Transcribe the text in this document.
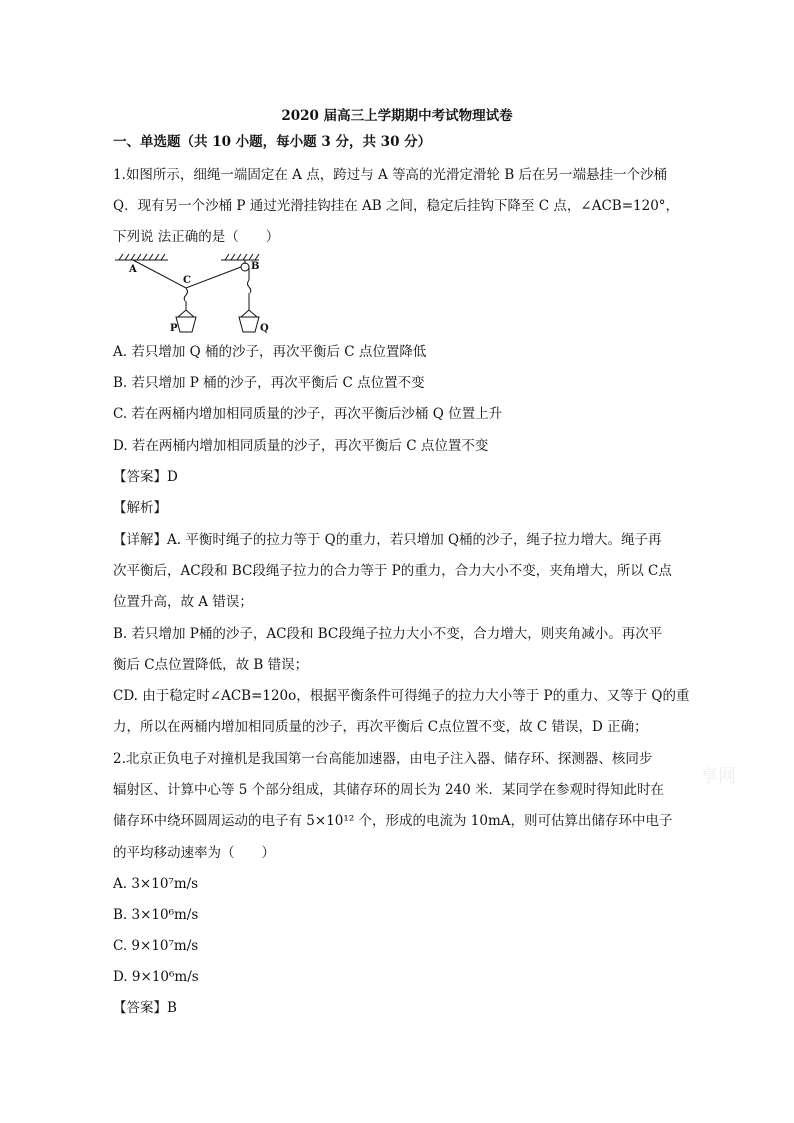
2020 届高三上学期期中考试物理试卷
一、单选题（共 10 小题，每小题 3 分，共 30 分）
1.如图所示，细绳一端固定在 A 点，跨过与 A 等高的光滑定滑轮 B 后在另一端悬挂一个沙桶
Q．现有另一个沙桶 P 通过光滑挂钩挂在 AB 之间，稳定后挂钩下降至 C 点，∠ACB=120°，
下列说 法正确的是（　　）
A
C
B
P	Q
A. 若只增加 Q 桶的沙子，再次平衡后 C 点位置降低
B. 若只增加 P 桶的沙子，再次平衡后 C 点位置不变
C. 若在两桶内增加相同质量的沙子，再次平衡后沙桶 Q 位置上升
D. 若在两桶内增加相同质量的沙子，再次平衡后 C 点位置不变
【答案】D
【解析】
【详解】A. 平衡时绳子的拉力等于 Q的重力，若只增加 Q桶的沙子，绳子拉力增大。绳子再
次平衡后，AC段和 BC段绳子拉力的合力等于 P的重力，合力大小不变，夹角增大，所以 C点
位置升高，故 A 错误；
B. 若只增加 P桶的沙子，AC段和 BC段绳子拉力大小不变，合力增大，则夹角减小。再次平
衡后 C点位置降低，故 B 错误；
CD. 由于稳定时∠ACB=120o，根据平衡条件可得绳子的拉力大小等于 P的重力、又等于 Q的重
力，所以在两桶内增加相同质量的沙子，再次平衡后 C点位置不变，故 C 错误，D 正确；
2.北京正负电子对撞机是我国第一台高能加速器，由电子注入器、储存环、探测器、核同步
辐射区、计算中心等 5 个部分组成，其储存环的周长为 240 米．某同学在参观时得知此时在
储存环中绕环圆周运动的电子有 5×10¹² 个，形成的电流为 10mA，则可估算出储存环中电子
的平均移动速率为（　　）
A. 3×10⁷m/s
B. 3×10⁶m/s
C. 9×10⁷m/s
D. 9×10⁶m/s
【答案】B
享网
